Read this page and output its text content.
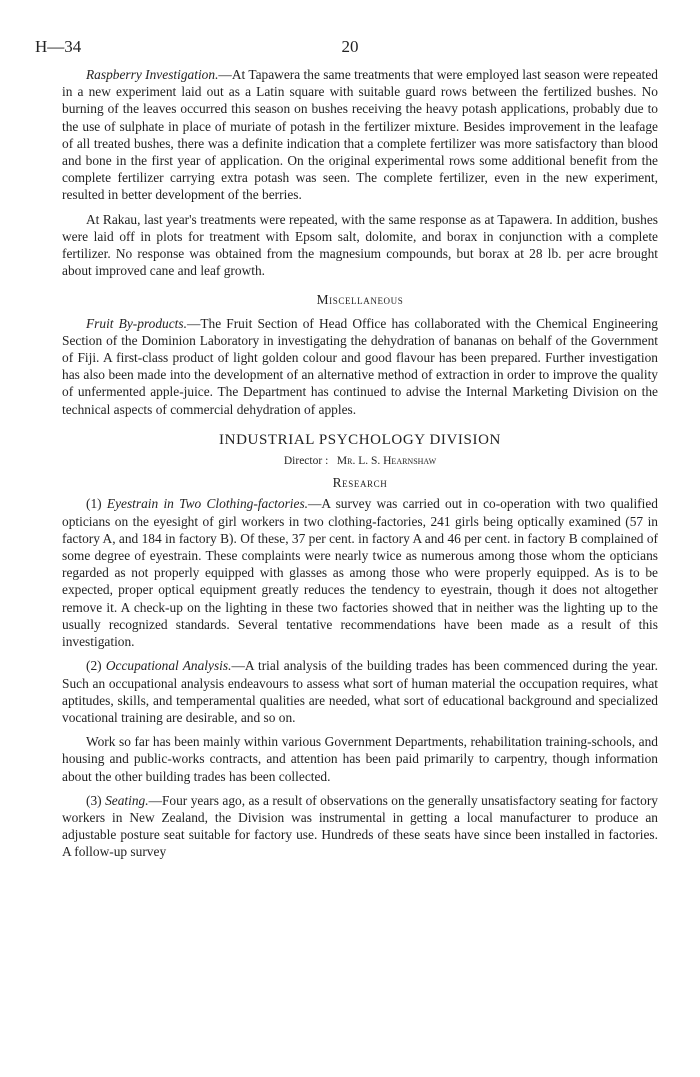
H—34	20

Raspberry Investigation.—At Tapawera the same treatments that were employed last season were repeated in a new experiment laid out as a Latin square with suitable guard rows between the fertilized bushes. No burning of the leaves occurred this season on bushes receiving the heavy potash applications, probably due to the use of sulphate in place of muriate of potash in the fertilizer mixture. Besides improvement in the leafage of all treated bushes, there was a definite indication that a complete fertilizer was more satisfactory than blood and bone in the first year of application. On the original experimental rows some additional benefit from the complete fertilizer carrying extra potash was seen. The complete fertilizer, even in the new experiment, resulted in better development of the berries.

At Rakau, last year's treatments were repeated, with the same response as at Tapawera. In addition, bushes were laid off in plots for treatment with Epsom salt, dolomite, and borax in conjunction with a complete fertilizer. No response was obtained from the magnesium compounds, but borax at 28 lb. per acre brought about improved cane and leaf growth.

Miscellaneous

Fruit By-products.—The Fruit Section of Head Office has collaborated with the Chemical Engineering Section of the Dominion Laboratory in investigating the dehydration of bananas on behalf of the Government of Fiji. A first-class product of light golden colour and good flavour has been prepared. Further investigation has also been made into the development of an alternative method of extraction in order to improve the quality of unfermented apple-juice. The Department has continued to advise the Internal Marketing Division on the technical aspects of commercial dehydration of apples.

INDUSTRIAL PSYCHOLOGY DIVISION
Director : Mr. L. S. Hearnshaw
Research

(1) Eyestrain in Two Clothing-factories.—A survey was carried out in co-operation with two qualified opticians on the eyesight of girl workers in two clothing-factories, 241 girls being optically examined (57 in factory A, and 184 in factory B). Of these, 37 per cent. in factory A and 46 per cent. in factory B complained of some degree of eyestrain. These complaints were nearly twice as numerous among those whom the opticians regarded as not properly equipped with glasses as among those who were properly equipped. As is to be expected, proper optical equipment greatly reduces the tendency to eyestrain, though it does not altogether remove it. A check-up on the lighting in these two factories showed that in neither was the lighting up to the usually recognized standards. Several tentative recommendations have been made as a result of this investigation.

(2) Occupational Analysis.—A trial analysis of the building trades has been commenced during the year. Such an occupational analysis endeavours to assess what sort of human material the occupation requires, what aptitudes, skills, and temperamental qualities are needed, what sort of educational background and specialized vocational training are desirable, and so on.

Work so far has been mainly within various Government Departments, rehabilitation training-schools, and housing and public-works contracts, and attention has been paid primarily to carpentry, though information about the other building trades has been collected.

(3) Seating.—Four years ago, as a result of observations on the generally unsatisfactory seating for factory workers in New Zealand, the Division was instrumental in getting a local manufacturer to produce an adjustable posture seat suitable for factory use. Hundreds of these seats have since been installed in factories. A follow-up survey
